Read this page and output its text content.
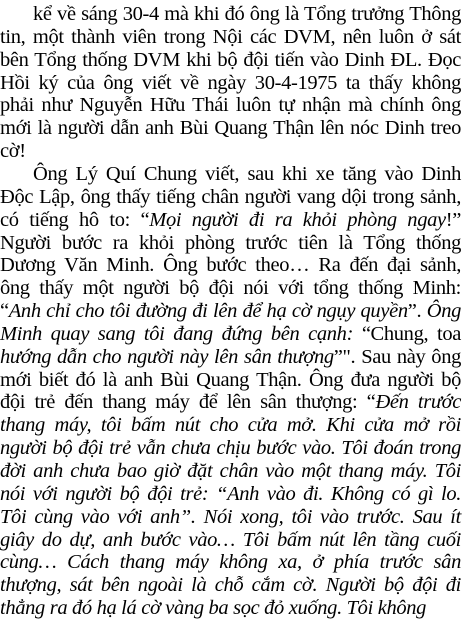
kể về sáng 30-4 mà khi đó ông là Tổng trưởng Thông
tin, một thành viên trong Nội các DVM, nên luôn ở sát
bên Tổng thống DVM khi bộ đội tiến vào Dinh ĐL. Đọc
Hồi ký của ông viết về ngày 30-4-1975 ta thấy không
phải như Nguyễn Hữu Thái luôn tự nhận mà chính ông
mới là người dẫn anh Bùi Quang Thận lên nóc Dinh treo
cờ!
Ông Lý Quí Chung viết, sau khi xe tăng vào Dinh
Độc Lập, ông thấy tiếng chân người vang dội trong sảnh,
có tiếng hô to: “Mọi người đi ra khỏi phòng ngay!”
Người bước ra khỏi phòng trước tiên là Tổng thống
Dương Văn Minh. Ông bước theo… Ra đến đại sảnh,
ông thấy một người bộ đội nói với tổng thống Minh:
“Anh chỉ cho tôi đường đi lên để hạ cờ ngụy quyền”. Ông
Minh quay sang tôi đang đứng bên cạnh: “Chung, toa
hướng dẫn cho người này lên sân thượng”". Sau này ông
mới biết đó là anh Bùi Quang Thận. Ông đưa người bộ
đội trẻ đến thang máy để lên sân thượng: “Đến trước
thang máy, tôi bấm nút cho cửa mở. Khi cửa mở rồi
người bộ đội trẻ vẫn chưa chịu bước vào. Tôi đoán trong
đời anh chưa bao giờ đặt chân vào một thang máy. Tôi
nói với người bộ đội trẻ: “Anh vào đi. Không có gì lo.
Tôi cùng vào với anh”. Nói xong, tôi vào trước. Sau ít
giây do dự, anh bước vào… Tôi bấm nút lên tầng cuối
cùng… Cách thang máy không xa, ở phía trước sân
thượng, sát bên ngoài là chỗ cắm cờ. Người bộ đội đi
thẳng ra đó hạ lá cờ vàng ba sọc đỏ xuống. Tôi không
